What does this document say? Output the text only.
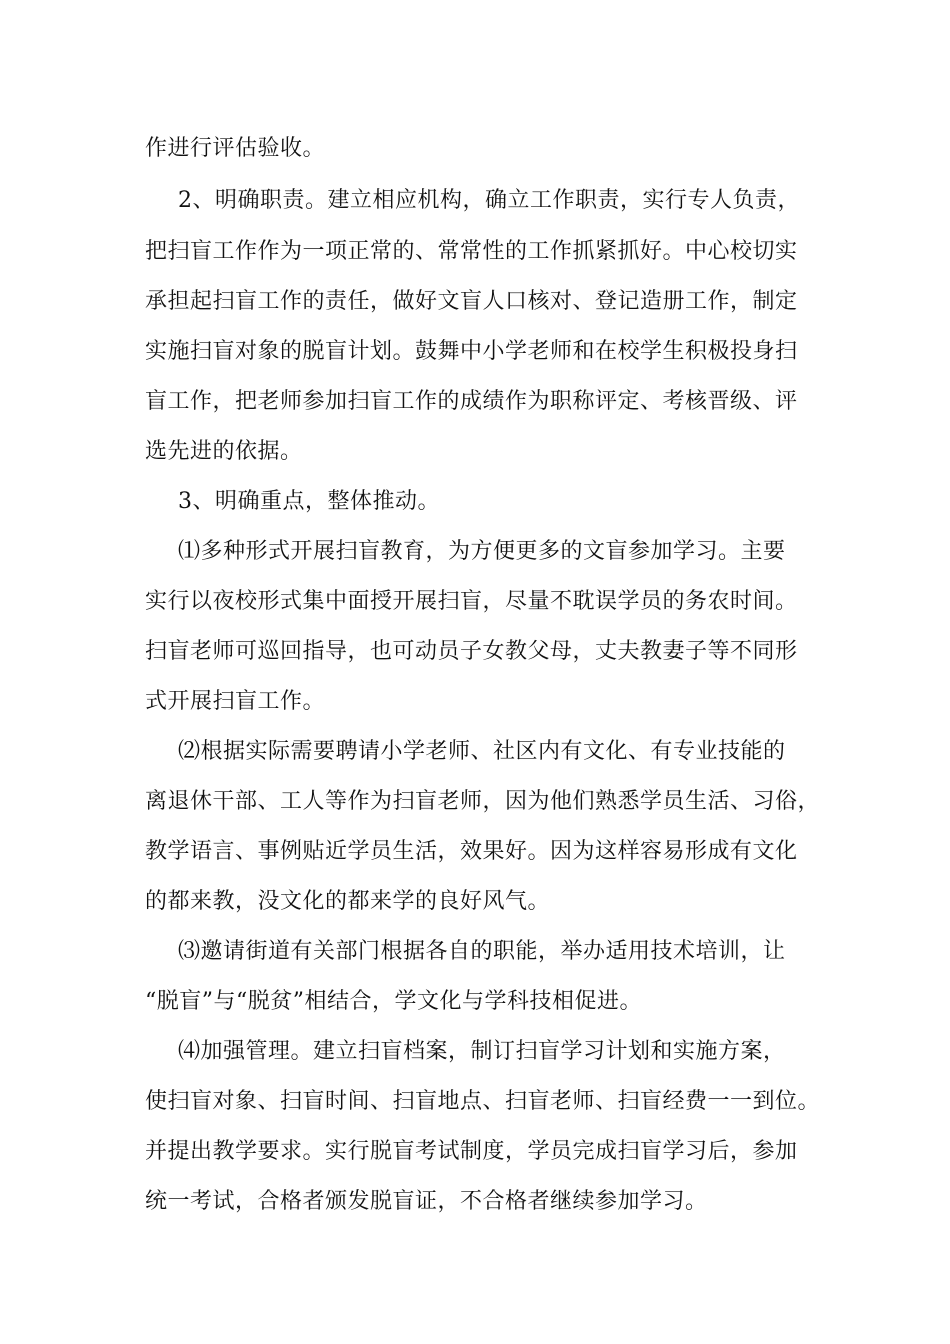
作进行评估验收。
2、明确职责。建立相应机构，确立工作职责，实行专人负责，
把扫盲工作作为一项正常的、常常性的工作抓紧抓好。中心校切实
承担起扫盲工作的责任，做好文盲人口核对、登记造册工作，制定
实施扫盲对象的脱盲计划。鼓舞中小学老师和在校学生积极投身扫
盲工作，把老师参加扫盲工作的成绩作为职称评定、考核晋级、评
选先进的依据。
3、明确重点，整体推动。
⑴多种形式开展扫盲教育，为方便更多的文盲参加学习。主要
实行以夜校形式集中面授开展扫盲，尽量不耽误学员的务农时间。
扫盲老师可巡回指导，也可动员子女教父母，丈夫教妻子等不同形
式开展扫盲工作。
⑵根据实际需要聘请小学老师、社区内有文化、有专业技能的
离退休干部、工人等作为扫盲老师，因为他们熟悉学员生活、习俗，
教学语言、事例贴近学员生活，效果好。因为这样容易形成有文化
的都来教，没文化的都来学的良好风气。
⑶邀请街道有关部门根据各自的职能，举办适用技术培训，让
“脱盲”与“脱贫”相结合，学文化与学科技相促进。
⑷加强管理。建立扫盲档案，制订扫盲学习计划和实施方案，
使扫盲对象、扫盲时间、扫盲地点、扫盲老师、扫盲经费一一到位。
并提出教学要求。实行脱盲考试制度，学员完成扫盲学习后，参加
统一考试，合格者颁发脱盲证，不合格者继续参加学习。
